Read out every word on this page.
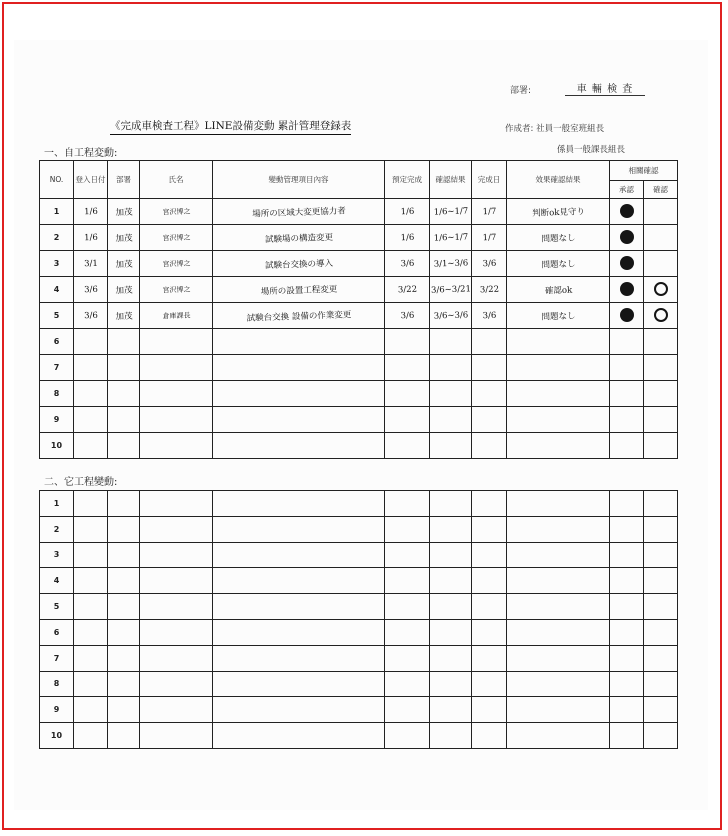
部署:	車 輛 検 査
《完成車検査工程》LINE設備変動 累計管理登録表	作成者: 社員一般室班組長
係員一般課長組長
一、自工程変動:
NO.	登入日付	部署	氏名	變動管理項目內容	預定完成	確認結果	完成日	效果確認結果	相關確認	
									承認	確認
1	1/6	加茂	宮沢博之	場所の区域大変更協力者	1/6	1/6~1/7	1/7	判断ok見守り		
2	1/6	加茂	宮沢博之	試験場の構造変更	1/6	1/6~1/7	1/7	問題なし		
3	3/1	加茂	宮沢博之	試験台交換の導入	3/6	3/1~3/6	3/6	問題なし		
4	3/6	加茂	宮沢博之	場所の設置工程変更	3/22	3/6~3/21	3/22	確認ok		
5	3/6	加茂	倉庫課長	試験台交換 設備の作業変更	3/6	3/6~3/6	3/6	問題なし		
6										
7										
8										
9										
10										
二、它工程變動:
1										
2										
3										
4										
5										
6										
7										
8										
9										
10										
